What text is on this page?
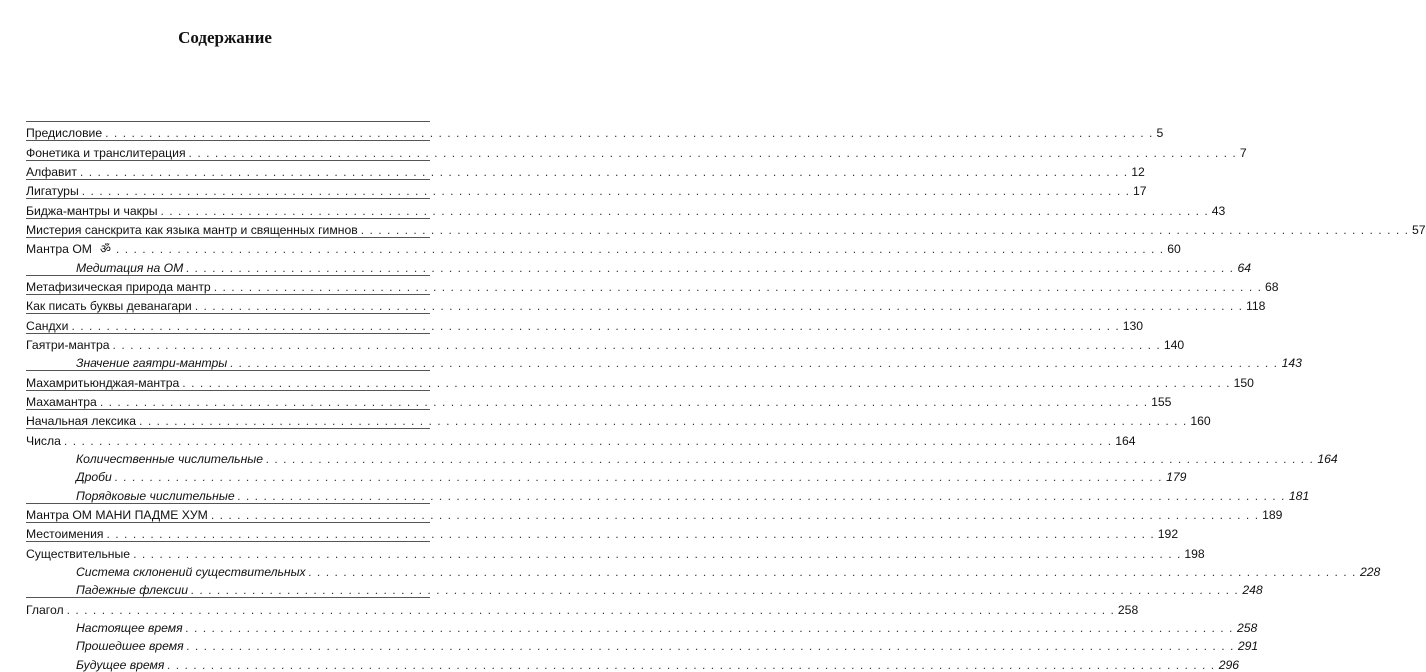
Содержание
Предисловие . . . . . . . . . . . . . . . . . . . . . . . . . . . . . . . . . . . . . . . . . . . . . . . . . . . . . . . . . . . . . . . . . . . . . . . . . . . . . . . . . . . . . . . . . . . . . . . . . . . . . . . . . . . . . . . . . . . . . . . . 5
Фонетика и транслитерация . . . . . . . . . . . . . . . . . . . . . . . . . . . . . . . . . . . . . . . . . . . . . . . . . . . . . . . . . . . . . . . . . . . . . . . . . . . . . . . . . . . . . . . . . . . . . . . . . . . . . . . . . . . . . . . . . . . . . . . . 7
Алфавит . . . . . . . . . . . . . . . . . . . . . . . . . . . . . . . . . . . . . . . . . . . . . . . . . . . . . . . . . . . . . . . . . . . . . . . . . . . . . . . . . . . . . . . . . . . . . . . . . . . . . . . . . . . . . . . . . . . . . . . . 12
Лигатуры . . . . . . . . . . . . . . . . . . . . . . . . . . . . . . . . . . . . . . . . . . . . . . . . . . . . . . . . . . . . . . . . . . . . . . . . . . . . . . . . . . . . . . . . . . . . . . . . . . . . . . . . . . . . . . . . . . . . . . . . 17
Биджа-мантры и чакры . . . . . . . . . . . . . . . . . . . . . . . . . . . . . . . . . . . . . . . . . . . . . . . . . . . . . . . . . . . . . . . . . . . . . . . . . . . . . . . . . . . . . . . . . . . . . . . . . . . . . . . . . . . . . . . . . . . . . . . . 43
Мистерия санскрита как языка мантр и священных гимнов . . . . . . . . . . . . . . . . . . . . . . . . . . . . . . . . . . . . . . . . . . . . . . . . . . . . . . . . . . . . . . . . . . . . . . . . . . . . . . . . . . . . . . . . . . . . . . . . . . . . . . . . . . . . . . . . . . . . . . . . 57
Мантра ОМ ॐ . . . . . . . . . . . . . . . . . . . . . . . . . . . . . . . . . . . . . . . . . . . . . . . . . . . . . . . . . . . . . . . . . . . . . . . . . . . . . . . . . . . . . . . . . . . . . . . . . . . . . . . . . . . . . . . . . . . . . . . . 60
Медитация на ОМ . . . . . . . . . . . . . . . . . . . . . . . . . . . . . . . . . . . . . . . . . . . . . . . . . . . . . . . . . . . . . . . . . . . . . . . . . . . . . . . . . . . . . . . . . . . . . . . . . . . . . . . . . . . . . . . . . . . . . . . . 64
Метафизическая природа мантр . . . . . . . . . . . . . . . . . . . . . . . . . . . . . . . . . . . . . . . . . . . . . . . . . . . . . . . . . . . . . . . . . . . . . . . . . . . . . . . . . . . . . . . . . . . . . . . . . . . . . . . . . . . . . . . . . . . . . . . . 68
Как писать буквы деванагари . . . . . . . . . . . . . . . . . . . . . . . . . . . . . . . . . . . . . . . . . . . . . . . . . . . . . . . . . . . . . . . . . . . . . . . . . . . . . . . . . . . . . . . . . . . . . . . . . . . . . . . . . . . . . . . . . . . . . . . . 118
Сандхи . . . . . . . . . . . . . . . . . . . . . . . . . . . . . . . . . . . . . . . . . . . . . . . . . . . . . . . . . . . . . . . . . . . . . . . . . . . . . . . . . . . . . . . . . . . . . . . . . . . . . . . . . . . . . . . . . . . . . . . . 130
Гаятри-мантра . . . . . . . . . . . . . . . . . . . . . . . . . . . . . . . . . . . . . . . . . . . . . . . . . . . . . . . . . . . . . . . . . . . . . . . . . . . . . . . . . . . . . . . . . . . . . . . . . . . . . . . . . . . . . . . . . . . . . . . . 140
Значение гаятри-мантры . . . . . . . . . . . . . . . . . . . . . . . . . . . . . . . . . . . . . . . . . . . . . . . . . . . . . . . . . . . . . . . . . . . . . . . . . . . . . . . . . . . . . . . . . . . . . . . . . . . . . . . . . . . . . . . . . . . . . . . . 143
Махамритьюнджая-мантра . . . . . . . . . . . . . . . . . . . . . . . . . . . . . . . . . . . . . . . . . . . . . . . . . . . . . . . . . . . . . . . . . . . . . . . . . . . . . . . . . . . . . . . . . . . . . . . . . . . . . . . . . . . . . . . . . . . . . . . . 150
Махамантра . . . . . . . . . . . . . . . . . . . . . . . . . . . . . . . . . . . . . . . . . . . . . . . . . . . . . . . . . . . . . . . . . . . . . . . . . . . . . . . . . . . . . . . . . . . . . . . . . . . . . . . . . . . . . . . . . . . . . . . . 155
Начальная лексика . . . . . . . . . . . . . . . . . . . . . . . . . . . . . . . . . . . . . . . . . . . . . . . . . . . . . . . . . . . . . . . . . . . . . . . . . . . . . . . . . . . . . . . . . . . . . . . . . . . . . . . . . . . . . . . . . . . . . . . . 160
Числа . . . . . . . . . . . . . . . . . . . . . . . . . . . . . . . . . . . . . . . . . . . . . . . . . . . . . . . . . . . . . . . . . . . . . . . . . . . . . . . . . . . . . . . . . . . . . . . . . . . . . . . . . . . . . . . . . . . . . . . . 164
Количественные числительные . . . . . . . . . . . . . . . . . . . . . . . . . . . . . . . . . . . . . . . . . . . . . . . . . . . . . . . . . . . . . . . . . . . . . . . . . . . . . . . . . . . . . . . . . . . . . . . . . . . . . . . . . . . . . . . . . . . . . . . . 164
Дроби . . . . . . . . . . . . . . . . . . . . . . . . . . . . . . . . . . . . . . . . . . . . . . . . . . . . . . . . . . . . . . . . . . . . . . . . . . . . . . . . . . . . . . . . . . . . . . . . . . . . . . . . . . . . . . . . . . . . . . . . 179
Порядковые числительные . . . . . . . . . . . . . . . . . . . . . . . . . . . . . . . . . . . . . . . . . . . . . . . . . . . . . . . . . . . . . . . . . . . . . . . . . . . . . . . . . . . . . . . . . . . . . . . . . . . . . . . . . . . . . . . . . . . . . . . . 181
Мантра ОМ МАНИ ПАДМЕ ХУМ . . . . . . . . . . . . . . . . . . . . . . . . . . . . . . . . . . . . . . . . . . . . . . . . . . . . . . . . . . . . . . . . . . . . . . . . . . . . . . . . . . . . . . . . . . . . . . . . . . . . . . . . . . . . . . . . . . . . . . . . 189
Местоимения . . . . . . . . . . . . . . . . . . . . . . . . . . . . . . . . . . . . . . . . . . . . . . . . . . . . . . . . . . . . . . . . . . . . . . . . . . . . . . . . . . . . . . . . . . . . . . . . . . . . . . . . . . . . . . . . . . . . . . . . 192
Существительные . . . . . . . . . . . . . . . . . . . . . . . . . . . . . . . . . . . . . . . . . . . . . . . . . . . . . . . . . . . . . . . . . . . . . . . . . . . . . . . . . . . . . . . . . . . . . . . . . . . . . . . . . . . . . . . . . . . . . . . . 198
Система склонений существительных . . . . . . . . . . . . . . . . . . . . . . . . . . . . . . . . . . . . . . . . . . . . . . . . . . . . . . . . . . . . . . . . . . . . . . . . . . . . . . . . . . . . . . . . . . . . . . . . . . . . . . . . . . . . . . . . . . . . . . . . 228
Падежные флексии . . . . . . . . . . . . . . . . . . . . . . . . . . . . . . . . . . . . . . . . . . . . . . . . . . . . . . . . . . . . . . . . . . . . . . . . . . . . . . . . . . . . . . . . . . . . . . . . . . . . . . . . . . . . . . . . . . . . . . . . 248
Глагол . . . . . . . . . . . . . . . . . . . . . . . . . . . . . . . . . . . . . . . . . . . . . . . . . . . . . . . . . . . . . . . . . . . . . . . . . . . . . . . . . . . . . . . . . . . . . . . . . . . . . . . . . . . . . . . . . . . . . . . . 258
Настоящее время . . . . . . . . . . . . . . . . . . . . . . . . . . . . . . . . . . . . . . . . . . . . . . . . . . . . . . . . . . . . . . . . . . . . . . . . . . . . . . . . . . . . . . . . . . . . . . . . . . . . . . . . . . . . . . . . . . . . . . . . 258
Прошедшее время . . . . . . . . . . . . . . . . . . . . . . . . . . . . . . . . . . . . . . . . . . . . . . . . . . . . . . . . . . . . . . . . . . . . . . . . . . . . . . . . . . . . . . . . . . . . . . . . . . . . . . . . . . . . . . . . . . . . . . . . 291
Будущее время . . . . . . . . . . . . . . . . . . . . . . . . . . . . . . . . . . . . . . . . . . . . . . . . . . . . . . . . . . . . . . . . . . . . . . . . . . . . . . . . . . . . . . . . . . . . . . . . . . . . . . . . . . . . . . . . . . . . . . . . 296
